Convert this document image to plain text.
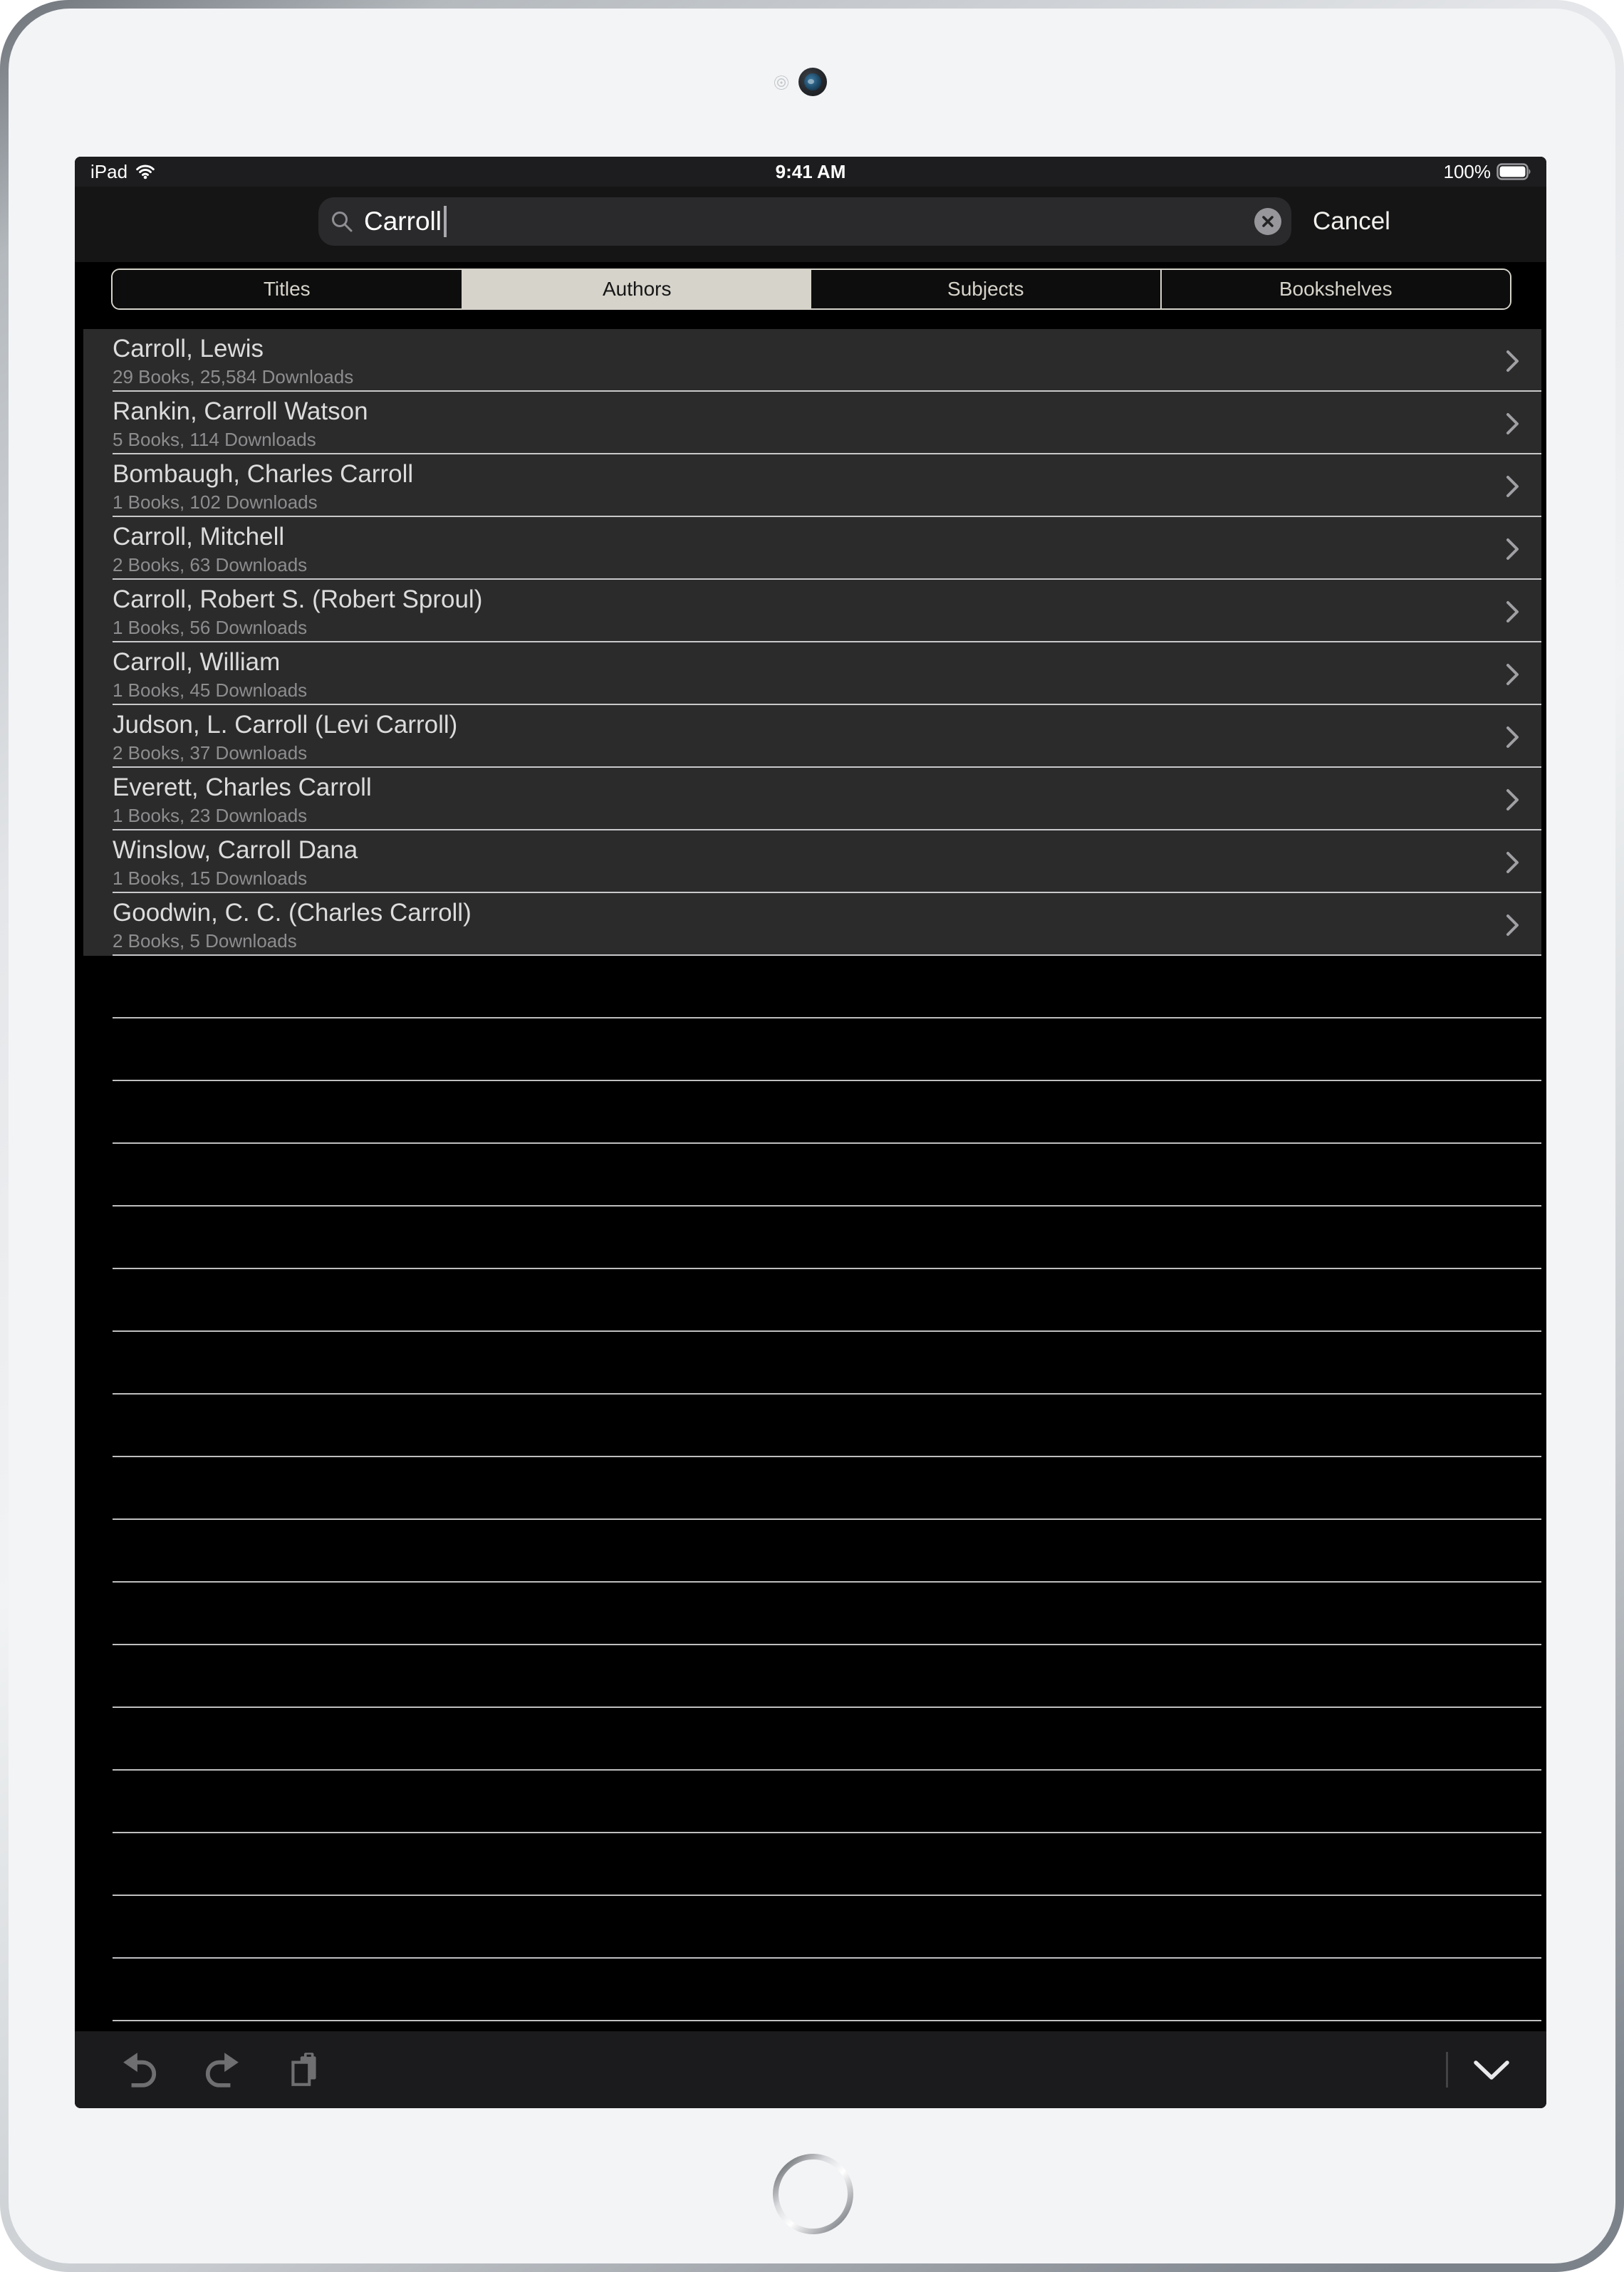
iPad	9:41 AM	100%
Carroll	Cancel
Titles	Authors	Subjects	Bookshelves
Carroll, Lewis
29 Books, 25,584 Downloads
Rankin, Carroll Watson
5 Books, 114 Downloads
Bombaugh, Charles Carroll
1 Books, 102 Downloads
Carroll, Mitchell
2 Books, 63 Downloads
Carroll, Robert S. (Robert Sproul)
1 Books, 56 Downloads
Carroll, William
1 Books, 45 Downloads
Judson, L. Carroll (Levi Carroll)
2 Books, 37 Downloads
Everett, Charles Carroll
1 Books, 23 Downloads
Winslow, Carroll Dana
1 Books, 15 Downloads
Goodwin, C. C. (Charles Carroll)
2 Books, 5 Downloads
